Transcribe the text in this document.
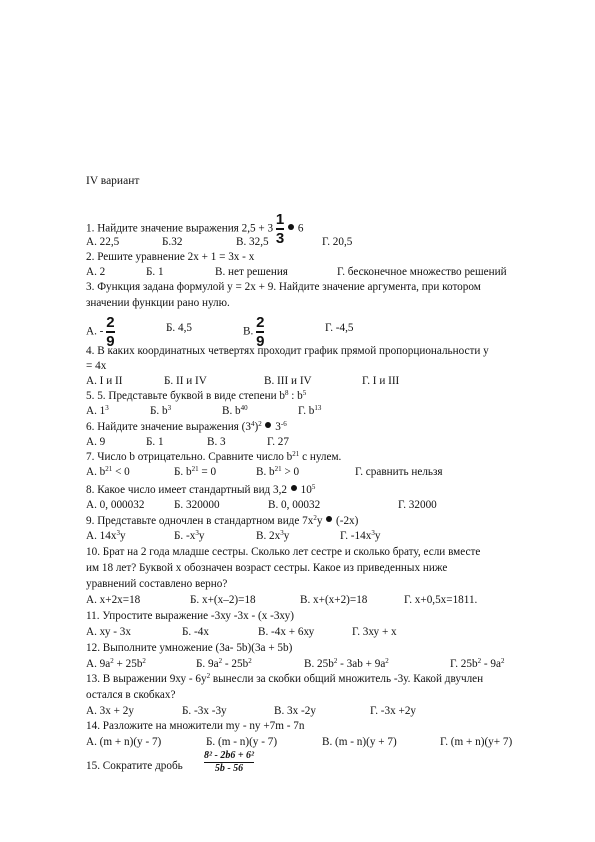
IV вариант
1. Найдите значение выражения $2,5 + 3 \frac{1}{3} 6$
А. 22,5	Б.32	В. 32,5	Г. 20,5
2. Решите уравнение 2х + 1 = 3х - х
А. 2	Б. 1	В. нет решения	Г. бесконечное множество решений
3. Функция задана формулой у = 2х + 9. Найдите значение аргумента, при котором
значении функции рано нулю.
А. - $\frac{2}{9}$	Б. 4,5	В. $\frac{2}{9}$	Г. -4,5
4. В каких координатных четвертях проходит график прямой пропорциональности у
= 4х
А. I и II	Б. II и IV	В. III и IV	Г. I и III
5. 5. Представьте буквой в виде степени $b^8$ : $b^5$
А. $1^3$	Б. $b^3$	В. $b^{40}$	Г. $b^{13}$
6. Найдите значение выражения $(3^4)^2$ $3^{-6}$
А. 9	Б. 1	В. 3	Г. 27
7. Число b отрицательно. Сравните число $b^{21}$ с нулем.
А. $b^{21} < 0$	Б. $b^{21} = 0$	В. $b^{21} > 0$	Г. сравнить нельзя
8. Какое число имеет стандартный вид 3,2 $10^5$
А. 0, 000032	Б. 320000	В. 0, 00032	Г. 32000
9. Представьте одночлен в стандартном виде $7х^2у$ (-2х)
А. $14х^3у$	Б. $-х^3у$	В. $2х^3у$	Г. $-14х^3у$
10. Брат на 2 года младше сестры. Сколько лет сестре и сколько брату, если вместе
им 18 лет? Буквой х обозначен возраст сестры. Какое из приведенных ниже
уравнений составлено верно?
А. х+2х=18	Б. х+(х–2)=18	В. х+(х+2)=18	Г. х+0,5х=1811.
11. Упростите выражение -3ху -3х - (х -3ху)
А. ху - 3х	Б. -4х	В. -4х + 6ху	Г. 3ху + х
12. Выполните умножение (3а- 5b)(3а + 5b)
А. $9а^2 + 25b^2$	Б. $9а^2 - 25b^2$	В. $25b^2 - 3ab + 9а^2$	Г. $25b^2 - 9а^2$
13. В выражении $9ху - 6у^2$ вынесли за скобки общий множитель -3у. Какой двучлен
остался в скобках?
А. 3х + 2у	Б. -3х -3у	В. 3х -2у	Г. -3х +2у
14. Разложите на множители mу - nу +7m - 7n
А. (m + n)(у - 7)	Б. (m - n)(у - 7)	В. (m - n)(у + 7)	Г. (m + n)(у+ 7)
15. Сократите дробь $\frac{\text{8² - 2b6 + 6²}}{5b - 56}$
